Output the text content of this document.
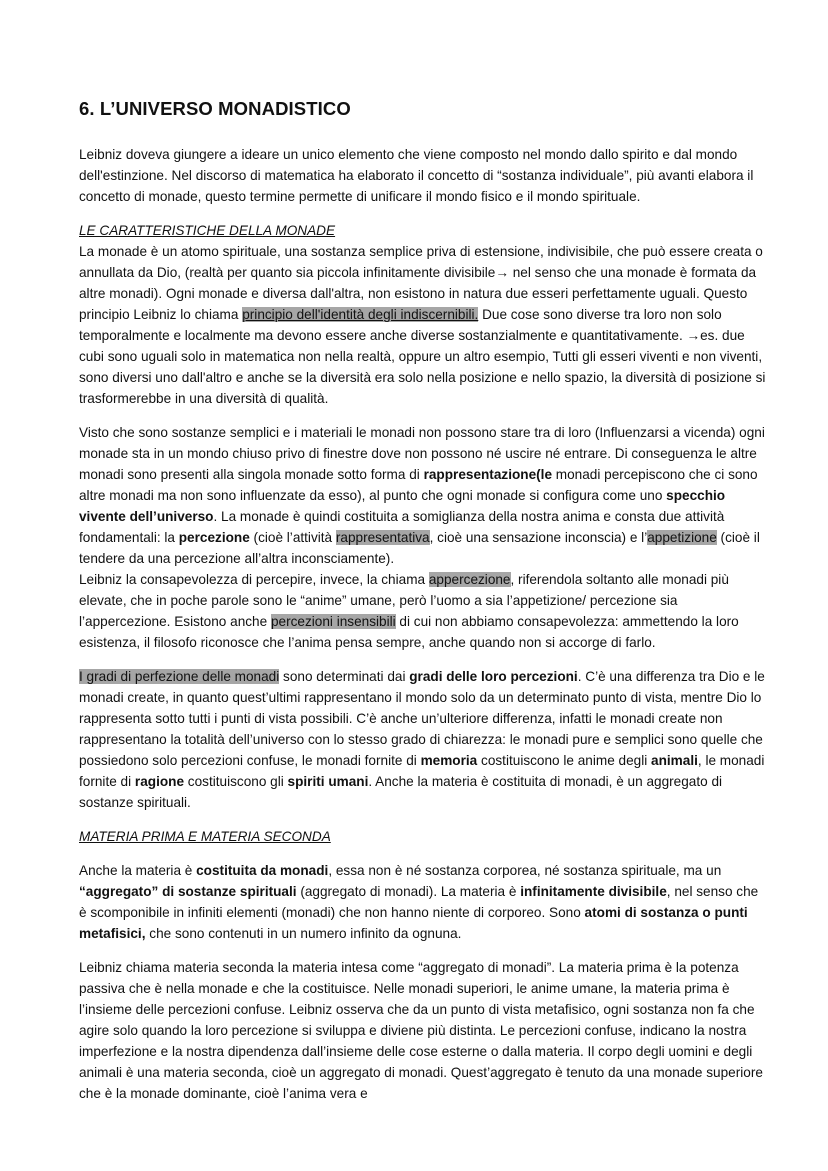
6. L’UNIVERSO MONADISTICO

Leibniz doveva giungere a ideare un unico elemento che viene composto nel mondo dallo spirito e dal mondo dell'estinzione. Nel discorso di matematica ha elaborato il concetto di “sostanza individuale”, più avanti elabora il concetto di monade, questo termine permette di unificare il mondo fisico e il mondo spirituale.

LE CARATTERISTICHE DELLA MONADE

La monade è un atomo spirituale, una sostanza semplice priva di estensione, indivisibile, che può essere creata o annullata da Dio, (realtà per quanto sia piccola infinitamente divisibile→ nel senso che una monade è formata da altre monadi). Ogni monade e diversa dall'altra, non esistono in natura due esseri perfettamente uguali. Questo principio Leibniz lo chiama principio dell'identità degli indiscernibili. Due cose sono diverse tra loro non solo temporalmente e localmente ma devono essere anche diverse sostanzialmente e quantitativamente. →es. due cubi sono uguali solo in matematica non nella realtà, oppure un altro esempio, Tutti gli esseri viventi e non viventi, sono diversi uno dall'altro e anche se la diversità era solo nella posizione e nello spazio, la diversità di posizione si trasformerebbe in una diversità di qualità.

Visto che sono sostanze semplici e i materiali le monadi non possono stare tra di loro (Influenzarsi a vicenda) ogni monade sta in un mondo chiuso privo di finestre dove non possono né uscire né entrare. Di conseguenza le altre monadi sono presenti alla singola monade sotto forma di rappresentazione(le monadi percepiscono che ci sono altre monadi ma non sono influenzate da esso), al punto che ogni monade si configura come uno specchio vivente dell’universo. La monade è quindi costituita a somiglianza della nostra anima e consta due attività fondamentali: la percezione (cioè l’attività rappresentativa, cioè una sensazione inconscia) e l’appetizione (cioè il tendere da una percezione all’altra inconsciamente).
Leibniz la consapevolezza di percepire, invece, la chiama appercezione, riferendola soltanto alle monadi più elevate, che in poche parole sono le “anime” umane, però l’uomo a sia l’appetizione/ percezione sia l’appercezione. Esistono anche percezioni insensibili di cui non abbiamo consapevolezza: ammettendo la loro esistenza, il filosofo riconosce che l’anima pensa sempre, anche quando non si accorge di farlo.

I gradi di perfezione delle monadi sono determinati dai gradi delle loro percezioni. C’è una differenza tra Dio e le monadi create, in quanto quest’ultimi rappresentano il mondo solo da un determinato punto di vista, mentre Dio lo rappresenta sotto tutti i punti di vista possibili. C’è anche un’ulteriore differenza, infatti le monadi create non rappresentano la totalità dell’universo con lo stesso grado di chiarezza: le monadi pure e semplici sono quelle che possiedono solo percezioni confuse, le monadi fornite di memoria costituiscono le anime degli animali, le monadi fornite di ragione costituiscono gli spiriti umani. Anche la materia è costituita di monadi, è un aggregato di sostanze spirituali.

MATERIA PRIMA E MATERIA SECONDA

Anche la materia è costituita da monadi, essa non è né sostanza corporea, né sostanza spirituale, ma un “aggregato” di sostanze spirituali (aggregato di monadi). La materia è infinitamente divisibile, nel senso che è scomponibile in infiniti elementi (monadi) che non hanno niente di corporeo. Sono atomi di sostanza o punti metafisici, che sono contenuti in un numero infinito da ognuna.

Leibniz chiama materia seconda la materia intesa come “aggregato di monadi”. La materia prima è la potenza passiva che è nella monade e che la costituisce. Nelle monadi superiori, le anime umane, la materia prima è l’insieme delle percezioni confuse. Leibniz osserva che da un punto di vista metafisico, ogni sostanza non fa che agire solo quando la loro percezione si sviluppa e diviene più distinta. Le percezioni confuse, indicano la nostra imperfezione e la nostra dipendenza dall’insieme delle cose esterne o dalla materia. Il corpo degli uomini e degli animali è una materia seconda, cioè un aggregato di monadi. Quest’aggregato è tenuto da una monade superiore che è la monade dominante, cioè l’anima vera e
